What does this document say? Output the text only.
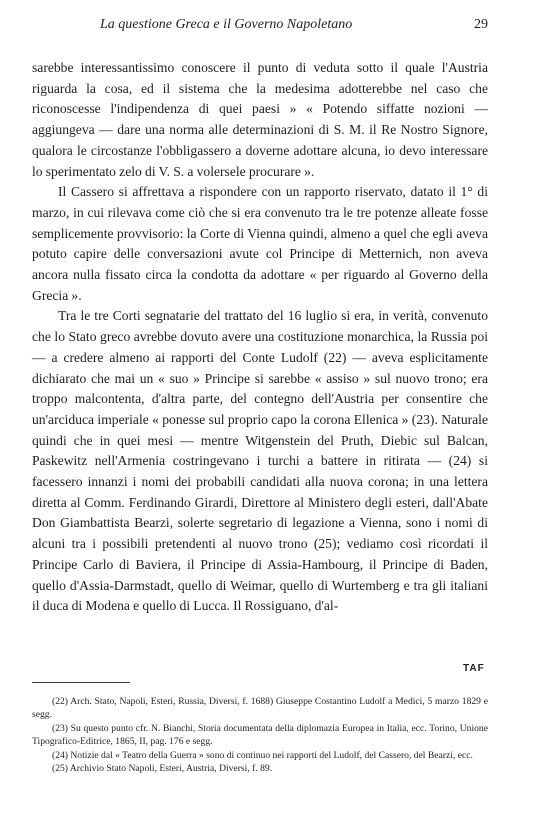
La questione Greca e il Governo Napoletano	29

sarebbe interessantissimo conoscere il punto di veduta sotto il quale l'Austria riguarda la cosa, ed il sistema che la medesima adotterebbe nel caso che riconoscesse l'indipendenza di quei paesi » « Potendo siffatte nozioni — aggiungeva — dare una norma alle determinazioni di S. M. il Re Nostro Signore, qualora le circostanze l'obbligassero a doverne adottare alcuna, io devo interessare lo sperimentato zelo di V. S. a volersele procurare ».

Il Cassero si affrettava a rispondere con un rapporto riservato, datato il 1° di marzo, in cui rilevava come ciò che si era convenuto tra le tre potenze alleate fosse semplicemente provvisorio: la Corte di Vienna quindi, almeno a quel che egli aveva potuto capire delle conversazioni avute col Principe di Metternich, non aveva ancora nulla fissato circa la condotta da adottare « per riguardo al Governo della Grecia ».

Tra le tre Corti segnatarie del trattato del 16 luglio si era, in verità, convenuto che lo Stato greco avrebbe dovuto avere una costituzione monarchica, la Russia poi — a credere almeno ai rapporti del Conte Ludolf (22) — aveva esplicitamente dichiarato che mai un « suo » Principe si sarebbe « assiso » sul nuovo trono; era troppo malcontenta, d'altra parte, del contegno dell'Austria per consentire che un'arciduca imperiale « ponesse sul proprio capo la corona Ellenica » (23). Naturale quindi che in quei mesi — mentre Witgenstein del Pruth, Diebic sul Balcan, Paskewitz nell'Armenia costringevano i turchi a battere in ritirata — (24) si facessero innanzi i nomi dei probabili candidati alla nuova corona; in una lettera diretta al Comm. Ferdinando Girardi, Direttore al Ministero degli esteri, dall'Abate Don Giambattista Bearzi, solerte segretario di legazione a Vienna, sono i nomi di alcuni tra i possibili pretendenti al nuovo trono (25); vediamo così ricordati il Principe Carlo di Baviera, il Principe di Assia-Hambourg, il Principe di Baden, quello d'Assia-Darmstadt, quello di Weimar, quello di Wurtemberg e tra gli italiani il duca di Modena e quello di Lucca. Il Rossiguano, d'al-

TAF

(22) Arch. Stato, Napoli, Esteri, Russia, Diversi, f. 1688) Giuseppe Costantino Ludolf a Medici, 5 marzo 1829 e segg.

(23) Su questo punto cfr. N. Bianchi, Storia documentata della diplomazia Europea in Italia, ecc. Torino, Unione Tipografico-Editrice, 1865, II, pag. 176 e segg.

(24) Notizie dal « Teatro della Guerra » sono di continuo nei rapporti del Ludolf, del Cassero, del Bearzi, ecc.

(25) Archivio Stato Napoli, Esteri, Austria, Diversi, f. 89.
